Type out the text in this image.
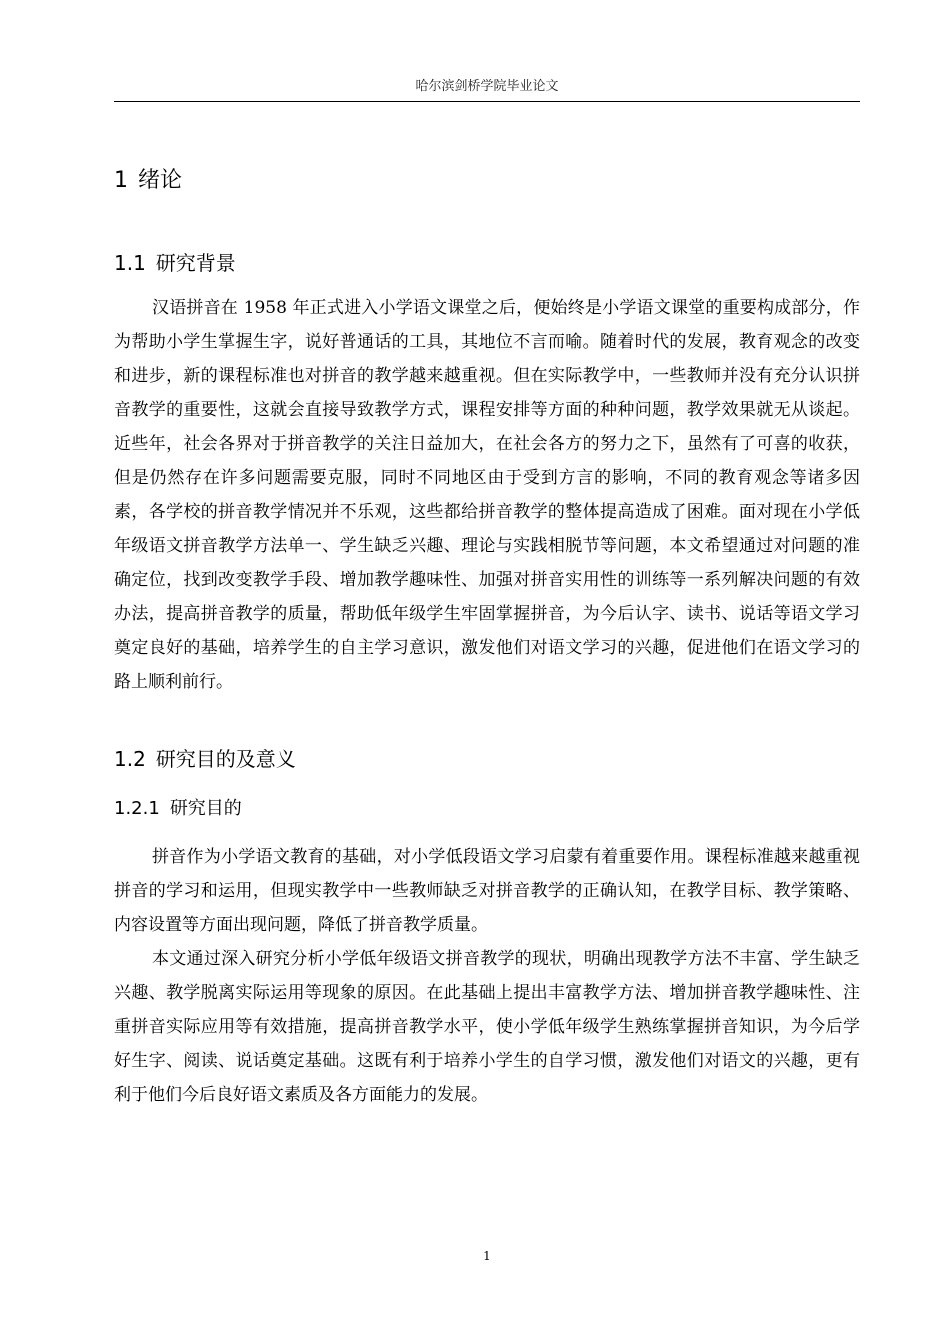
哈尔滨剑桥学院毕业论文
1 绪论
1.1 研究背景

汉语拼音在 1958 年正式进入小学语文课堂之后，便始终是小学语文课堂的重要构成部分，作为帮助小学生掌握生字，说好普通话的工具，其地位不言而喻。随着时代的发展，教育观念的改变和进步，新的课程标准也对拼音的教学越来越重视。但在实际教学中，一些教师并没有充分认识拼音教学的重要性，这就会直接导致教学方式，课程安排等方面的种种问题，教学效果就无从谈起。近些年，社会各界对于拼音教学的关注日益加大，在社会各方的努力之下，虽然有了可喜的收获，但是仍然存在许多问题需要克服，同时不同地区由于受到方言的影响，不同的教育观念等诸多因素，各学校的拼音教学情况并不乐观，这些都给拼音教学的整体提高造成了困难。面对现在小学低年级语文拼音教学方法单一、学生缺乏兴趣、理论与实践相脱节等问题，本文希望通过对问题的准确定位，找到改变教学手段、增加教学趣味性、加强对拼音实用性的训练等一系列解决问题的有效办法，提高拼音教学的质量，帮助低年级学生牢固掌握拼音，为今后认字、读书、说话等语文学习奠定良好的基础，培养学生的自主学习意识，激发他们对语文学习的兴趣，促进他们在语文学习的路上顺利前行。

1.2 研究目的及意义
1.2.1 研究目的

拼音作为小学语文教育的基础，对小学低段语文学习启蒙有着重要作用。课程标准越来越重视拼音的学习和运用，但现实教学中一些教师缺乏对拼音教学的正确认知，在教学目标、教学策略、内容设置等方面出现问题，降低了拼音教学质量。

本文通过深入研究分析小学低年级语文拼音教学的现状，明确出现教学方法不丰富、学生缺乏兴趣、教学脱离实际运用等现象的原因。在此基础上提出丰富教学方法、增加拼音教学趣味性、注重拼音实际应用等有效措施，提高拼音教学水平，使小学低年级学生熟练掌握拼音知识，为今后学好生字、阅读、说话奠定基础。这既有利于培养小学生的自学习惯，激发他们对语文的兴趣，更有利于他们今后良好语文素质及各方面能力的发展。

1
